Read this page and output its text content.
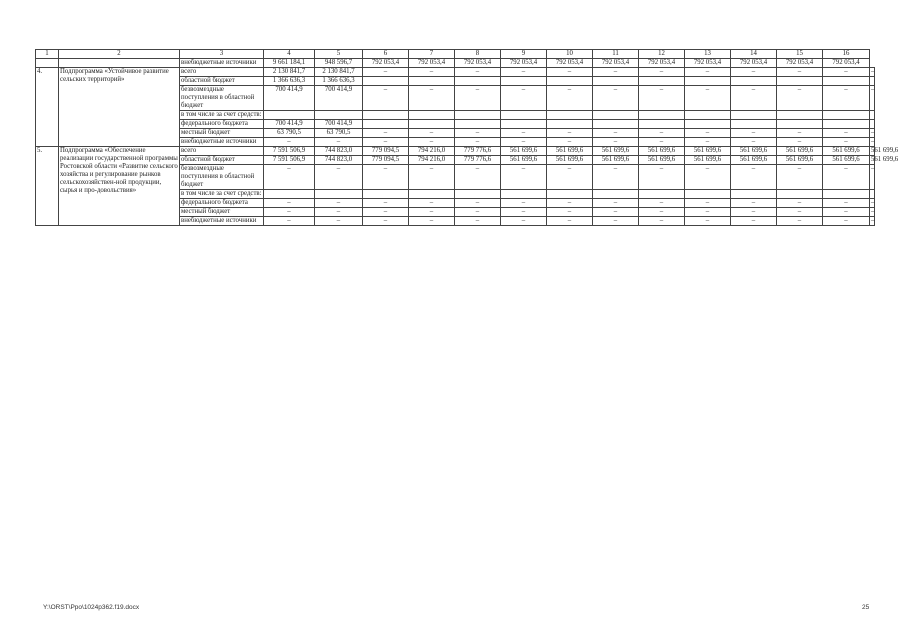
1	2	3	4	5	6	7	8	9	10	11	12	13	14	15	16	
		внебюджетные источники	9 661 184,1	948 596,7	792 053,4	792 053,4	792 053,4	792 053,4	792 053,4	792 053,4	792 053,4	792 053,4	792 053,4	792 053,4	792 053,4	
4.	Подпрограмма «Устойчивое развитие сельских территорий»	всего	2 130 841,7	2 130 841,7	–	–	–	–	–	–	–	–	–	–	–	–
		областной бюджет	1 366 636,3	1 366 636,3												
		безвозмездные поступления в областной бюджет	700 414,9	700 414,9	–	–	–	–	–	–	–	–	–	–	–	–
		в том числе за счет средств:														
		федерального бюджета	700 414,9	700 414,9												
		местный бюджет	63 790,5	63 790,5	–	–	–	–	–	–	–	–	–	–	–	–
		внебюджетные источники	–	–	–	–	–	–	–	–	–	–	–	–	–	–
5.	Подпрограмма «Обеспечение реализации государственной программы Ростовской области «Развитие сельского хозяйства и регулирование рынков сельскохозяйствен-ной продукции, сырья и про-довольствия»	всего	7 591 506,9	744 823,0	779 094,5	794 216,0	779 776,6	561 699,6	561 699,6	561 699,6	561 699,6	561 699,6	561 699,6	561 699,6	561 699,6	561 699,6
		областной бюджет	7 591 506,9	744 823,0	779 094,5	794 216,0	779 776,6	561 699,6	561 699,6	561 699,6	561 699,6	561 699,6	561 699,6	561 699,6	561 699,6	561 699,6
		безвозмездные поступления в областной бюджет	–	–	–	–	–	–	–	–	–	–	–	–	–	–
		в том числе за счет средств:														
		федерального бюджета	–	–	–	–	–	–	–	–	–	–	–	–	–	–
		местный бюджет	–	–	–	–	–	–	–	–	–	–	–	–	–	–
		внебюджетные источники	–	–	–	–	–	–	–	–	–	–	–	–	–	–
Y:\ORST\Ppo\1024p362.f19.docx	25
